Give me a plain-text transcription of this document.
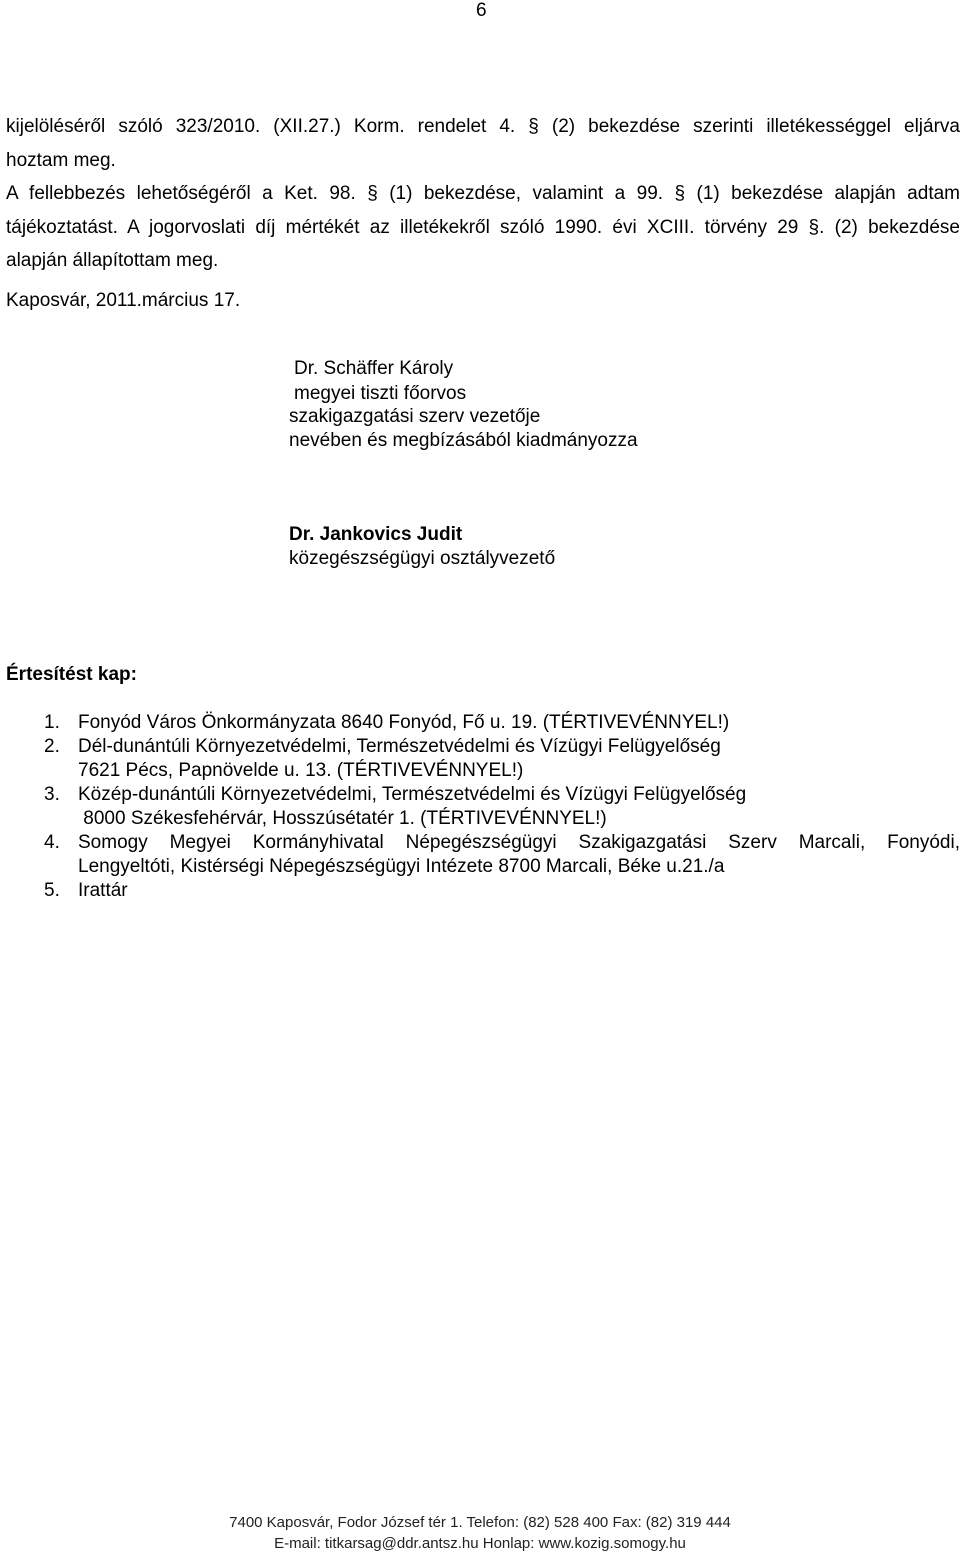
6
kijelöléséről szóló 323/2010. (XII.27.) Korm. rendelet 4. § (2) bekezdése szerinti illetékességgel eljárva
hoztam meg.
A fellebbezés lehetőségéről a Ket. 98. § (1) bekezdése, valamint a 99. § (1) bekezdése alapján adtam
tájékoztatást. A jogorvoslati díj mértékét az illetékekről szóló 1990. évi XCIII. törvény 29 §. (2) bekezdése
alapján állapítottam meg.
Kaposvár, 2011.március 17.
Dr. Schäffer Károly
megyei tiszti főorvos
szakigazgatási szerv vezetője
nevében és megbízásából kiadmányozza
Dr. Jankovics Judit
közegészségügyi osztályvezető
Értesítést kap:
1. Fonyód Város Önkormányzata 8640 Fonyód, Fő u. 19. (TÉRTIVEVÉNNYEL!)
2. Dél-dunántúli Környezetvédelmi, Természetvédelmi és Vízügyi Felügyelőség
7621 Pécs, Papnövelde u. 13. (TÉRTIVEVÉNNYEL!)
3. Közép-dunántúli Környezetvédelmi, Természetvédelmi és Vízügyi Felügyelőség
8000 Székesfehérvár, Hosszúsétatér 1. (TÉRTIVEVÉNNYEL!)
4. Somogy Megyei Kormányhivatal Népegészségügyi Szakigazgatási Szerv Marcali, Fonyódi,
Lengyeltóti, Kistérségi Népegészségügyi Intézete 8700 Marcali, Béke u.21./a
5. Irattár
7400 Kaposvár, Fodor József tér 1. Telefon: (82) 528 400 Fax: (82) 319 444
E-mail: titkarsag@ddr.antsz.hu Honlap: www.kozig.somogy.hu
